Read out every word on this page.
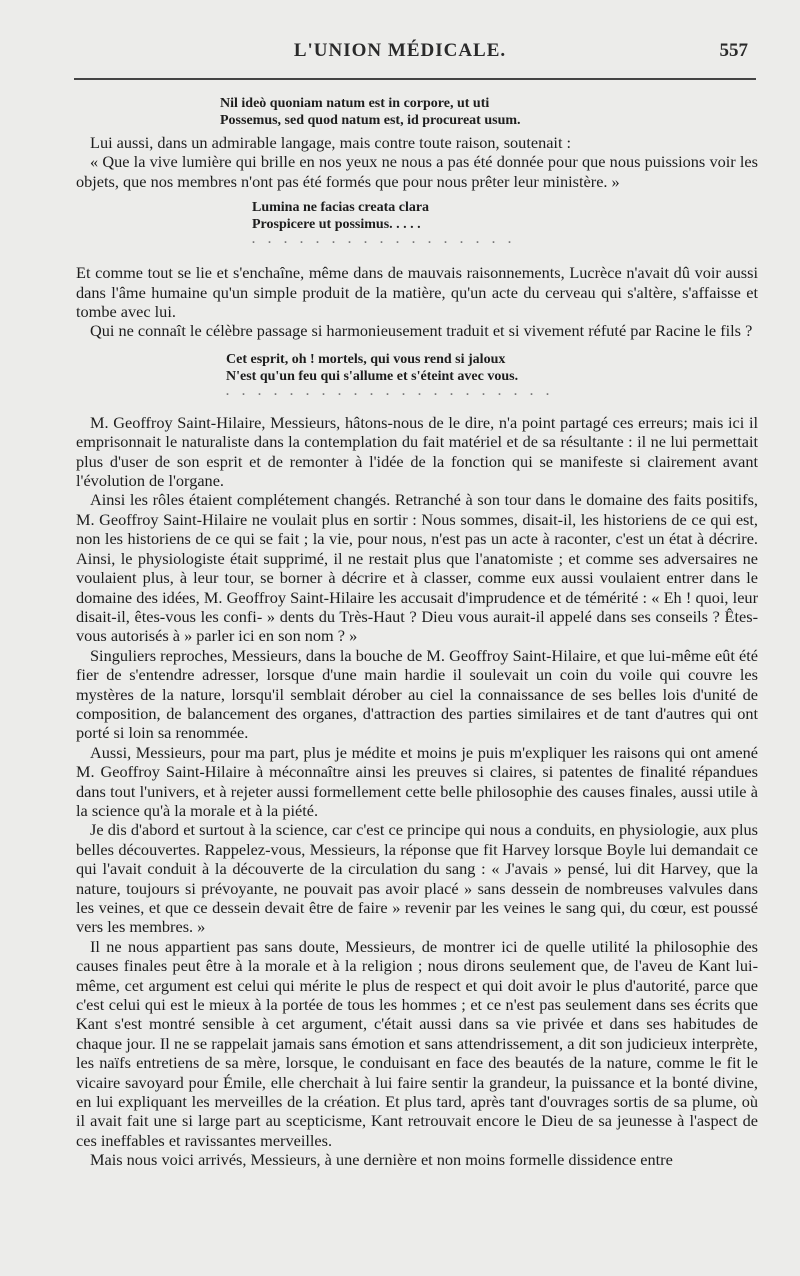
L'UNION MÉDICALE.	557
Nil ideò quoniam natum est in corpore, ut uti
Possemus, sed quod natum est, id procureat usum.

Lui aussi, dans un admirable langage, mais contre toute raison, soutenait :

« Que la vive lumière qui brille en nos yeux ne nous a pas été donnée pour que nous puissions voir les objets, que nos membres n'ont pas été formés que pour nous prêter leur ministère. »

Lumina ne facias creata clara
Prospicere ut possimus. . . . .
. . . . . . . . . . . . . . . . .

Et comme tout se lie et s'enchaîne, même dans de mauvais raisonnements, Lucrèce n'avait dû voir aussi dans l'âme humaine qu'un simple produit de la matière, qu'un acte du cerveau qui s'altère, s'affaisse et tombe avec lui.

Qui ne connaît le célèbre passage si harmonieusement traduit et si vivement réfuté par Racine le fils ?

Cet esprit, oh ! mortels, qui vous rend si jaloux
N'est qu'un feu qui s'allume et s'éteint avec vous.
. . . . . . . . . . . . . . . . . . . . .

M. Geoffroy Saint-Hilaire, Messieurs, hâtons-nous de le dire, n'a point partagé ces erreurs; mais ici il emprisonnait le naturaliste dans la contemplation du fait matériel et de sa résultante : il ne lui permettait plus d'user de son esprit et de remonter à l'idée de la fonction qui se manifeste si clairement avant l'évolution de l'organe.

Ainsi les rôles étaient complétement changés. Retranché à son tour dans le domaine des faits positifs, M. Geoffroy Saint-Hilaire ne voulait plus en sortir : Nous sommes, disait-il, les historiens de ce qui est, non les historiens de ce qui se fait ; la vie, pour nous, n'est pas un acte à raconter, c'est un état à décrire. Ainsi, le physiologiste était supprimé, il ne restait plus que l'anatomiste ; et comme ses adversaires ne voulaient plus, à leur tour, se borner à décrire et à classer, comme eux aussi voulaient entrer dans le domaine des idées, M. Geoffroy Saint-Hilaire les accusait d'imprudence et de témérité : « Eh ! quoi, leur disait-il, êtes-vous les confi- » dents du Très-Haut ? Dieu vous aurait-il appelé dans ses conseils ? Êtes-vous autorisés à » parler ici en son nom ? »

Singuliers reproches, Messieurs, dans la bouche de M. Geoffroy Saint-Hilaire, et que lui-même eût été fier de s'entendre adresser, lorsque d'une main hardie il soulevait un coin du voile qui couvre les mystères de la nature, lorsqu'il semblait dérober au ciel la connaissance de ses belles lois d'unité de composition, de balancement des organes, d'attraction des parties similaires et de tant d'autres qui ont porté si loin sa renommée.

Aussi, Messieurs, pour ma part, plus je médite et moins je puis m'expliquer les raisons qui ont amené M. Geoffroy Saint-Hilaire à méconnaître ainsi les preuves si claires, si patentes de finalité répandues dans tout l'univers, et à rejeter aussi formellement cette belle philosophie des causes finales, aussi utile à la science qu'à la morale et à la piété.

Je dis d'abord et surtout à la science, car c'est ce principe qui nous a conduits, en physiologie, aux plus belles découvertes. Rappelez-vous, Messieurs, la réponse que fit Harvey lorsque Boyle lui demandait ce qui l'avait conduit à la découverte de la circulation du sang : « J'avais » pensé, lui dit Harvey, que la nature, toujours si prévoyante, ne pouvait pas avoir placé » sans dessein de nombreuses valvules dans les veines, et que ce dessein devait être de faire » revenir par les veines le sang qui, du cœur, est poussé vers les membres. »

Il ne nous appartient pas sans doute, Messieurs, de montrer ici de quelle utilité la philosophie des causes finales peut être à la morale et à la religion ; nous dirons seulement que, de l'aveu de Kant lui-même, cet argument est celui qui mérite le plus de respect et qui doit avoir le plus d'autorité, parce que c'est celui qui est le mieux à la portée de tous les hommes ; et ce n'est pas seulement dans ses écrits que Kant s'est montré sensible à cet argument, c'était aussi dans sa vie privée et dans ses habitudes de chaque jour. Il ne se rappelait jamais sans émotion et sans attendrissement, a dit son judicieux interprète, les naïfs entretiens de sa mère, lorsque, le conduisant en face des beautés de la nature, comme le fit le vicaire savoyard pour Émile, elle cherchait à lui faire sentir la grandeur, la puissance et la bonté divine, en lui expliquant les merveilles de la création. Et plus tard, après tant d'ouvrages sortis de sa plume, où il avait fait une si large part au scepticisme, Kant retrouvait encore le Dieu de sa jeunesse à l'aspect de ces ineffables et ravissantes merveilles.

Mais nous voici arrivés, Messieurs, à une dernière et non moins formelle dissidence entre
